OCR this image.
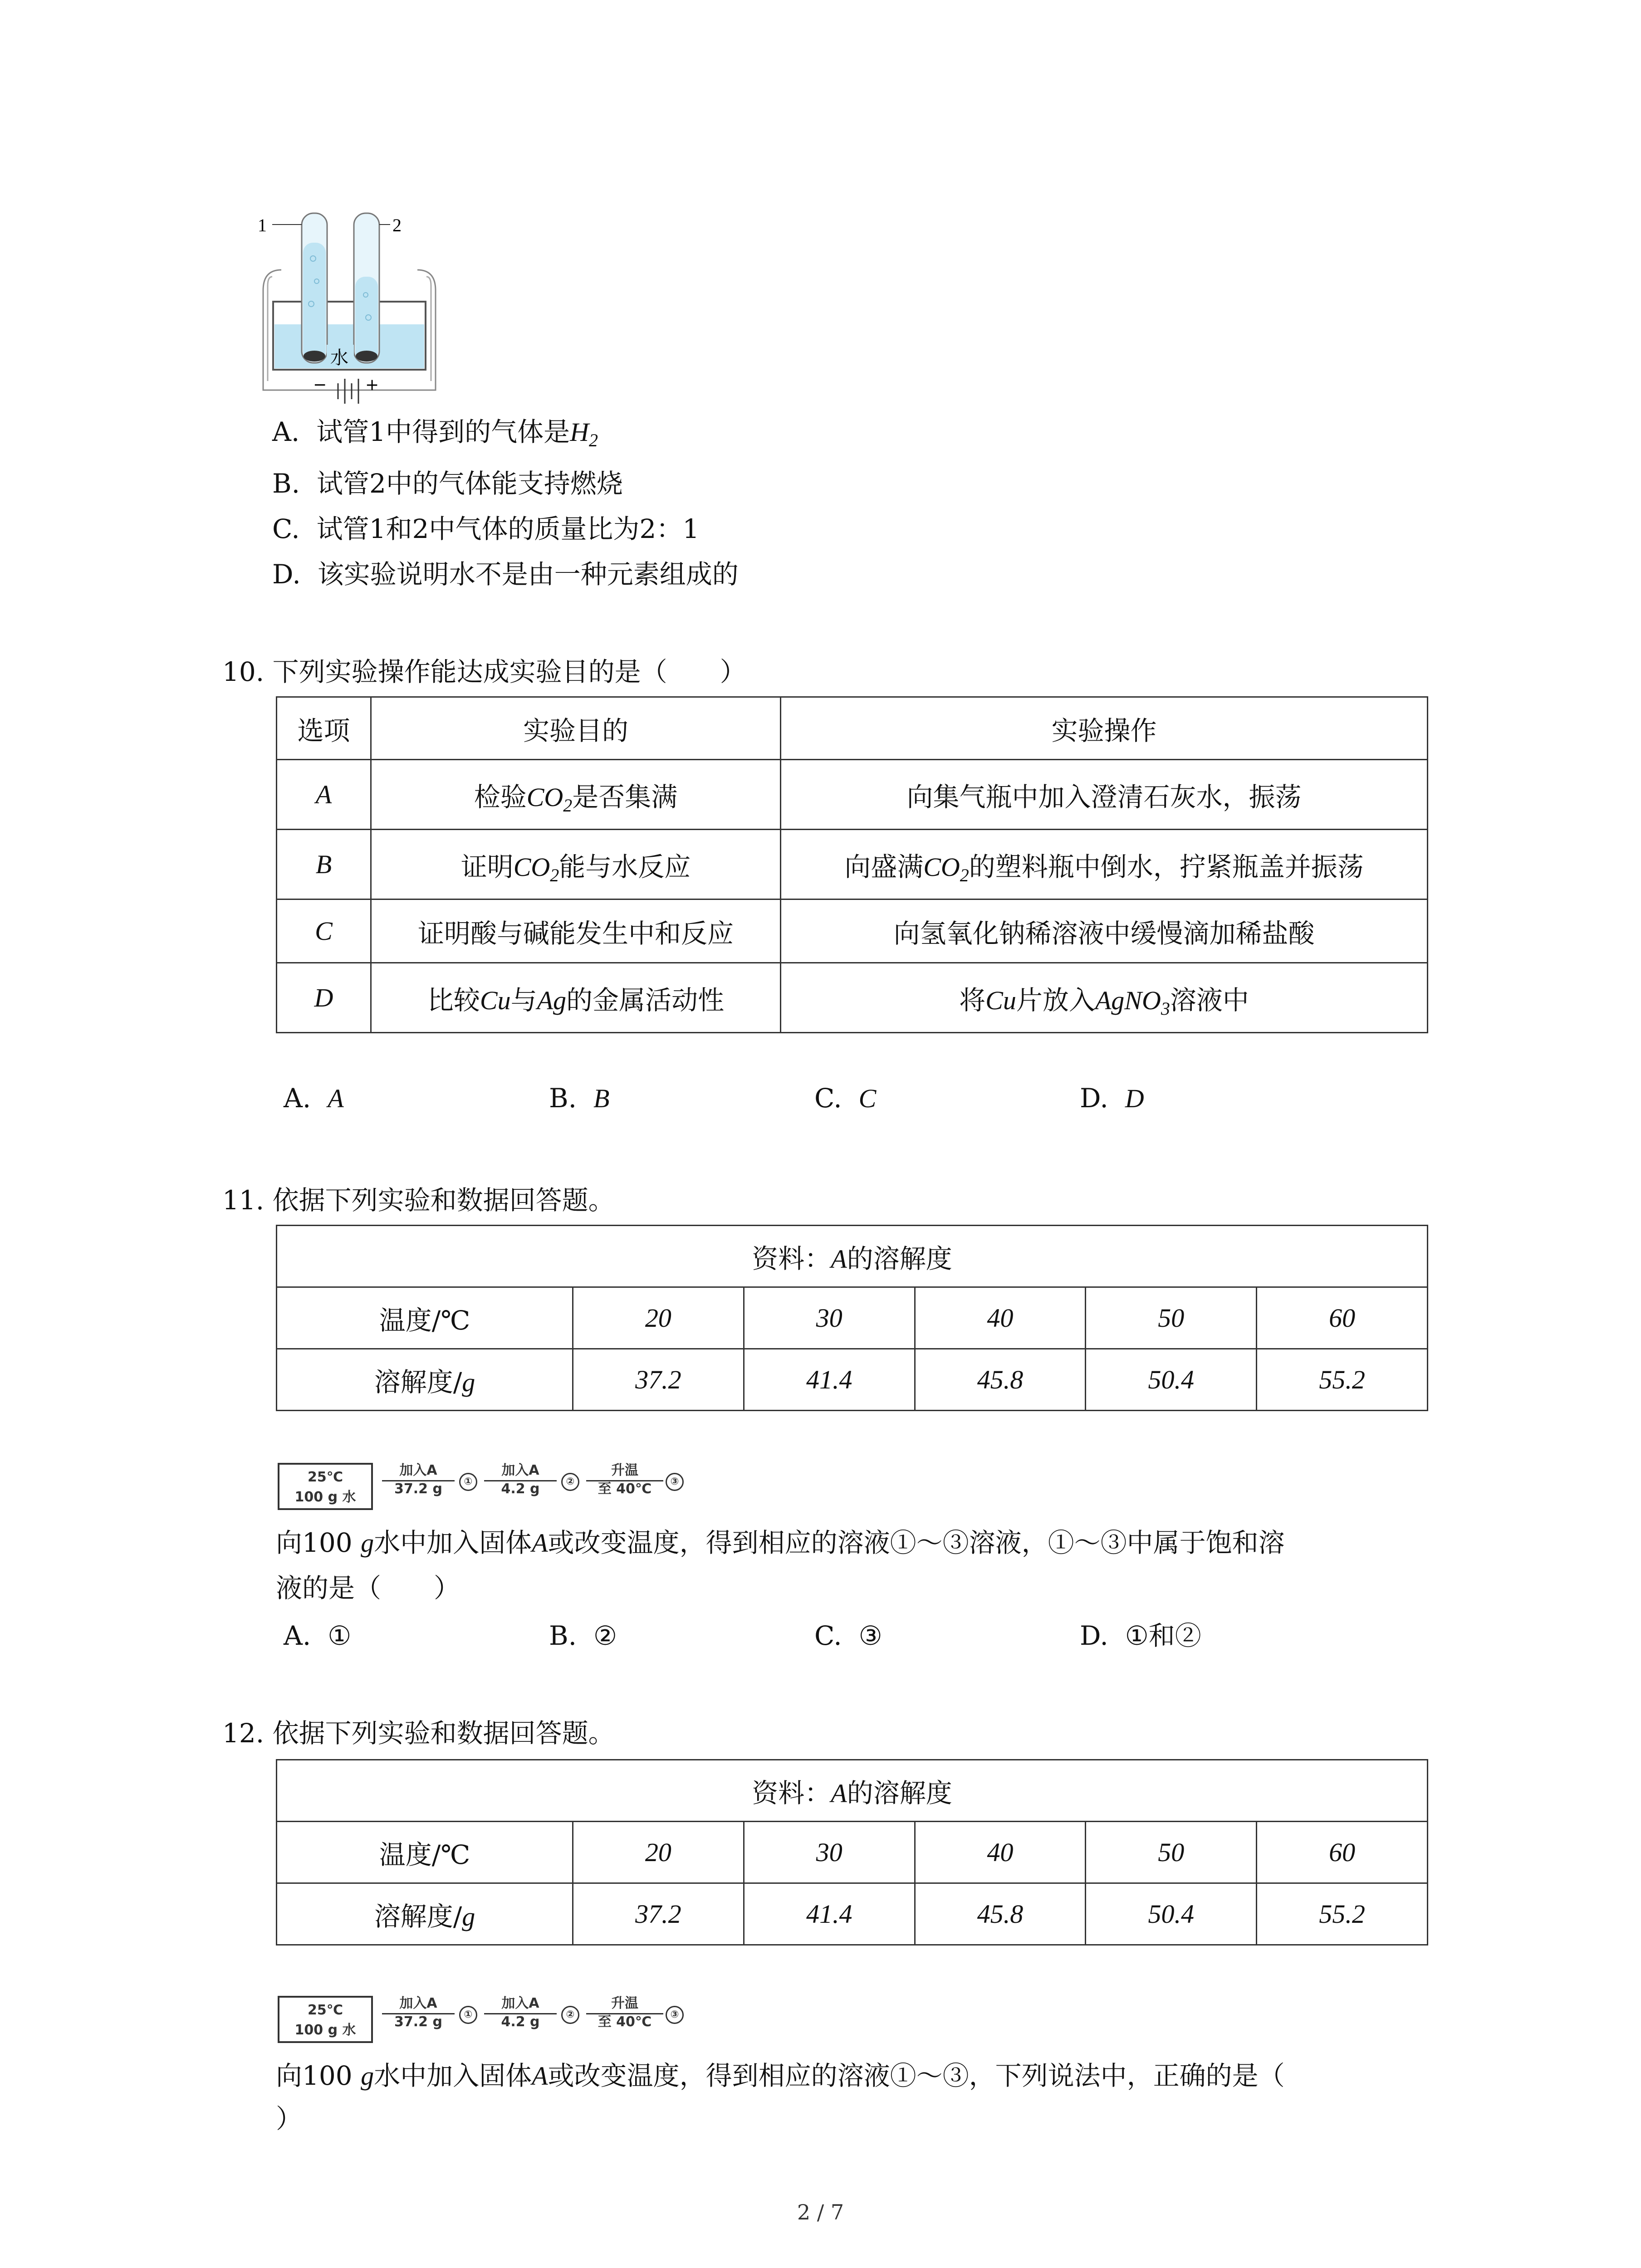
1	2
水
− +
A. 试管1中得到的气体是$H_2$
B. 试管2中的气体能支持燃烧
C. 试管1和2中气体的质量比为2：1
D. 该实验说明水不是由一种元素组成的
10. 下列实验操作能达成实验目的是（　　）
选项	实验目的	实验操作
A	检验$CO_2$是否集满	向集气瓶中加入澄清石灰水，振荡
B	证明$CO_2$能与水反应	向盛满$CO_2$的塑料瓶中倒水，拧紧瓶盖并振荡
C	证明酸与碱能发生中和反应	向氢氧化钠稀溶液中缓慢滴加稀盐酸
D	比较Cu与Ag的金属活动性	将Cu片放入AgNO$_3$溶液中
A. A	B. B	C. C	D. D
11. 依据下列实验和数据回答题。
资料：A的溶解度					
温度/℃	20	30	40	50	60
溶解度/g	37.2	41.4	45.8	50.4	55.2
25℃
100 g 水
加入A
37.2 g	①
加入A
4.2 g	②
升温
至 40℃	③
向100 g水中加入固体A或改变温度，得到相应的溶液①～③溶液，①～③中属于饱和溶
液的是（　　）
A. ①	B. ②	C. ③	D. ①和②
12. 依据下列实验和数据回答题。
资料：A的溶解度					
温度/℃	20	30	40	50	60
溶解度/g	37.2	41.4	45.8	50.4	55.2
25℃
100 g 水
加入A
37.2 g	①
加入A
4.2 g	②
升温
至 40℃	③
向100 g水中加入固体A或改变温度，得到相应的溶液①～③，下列说法中，正确的是（
）
2 / 7
